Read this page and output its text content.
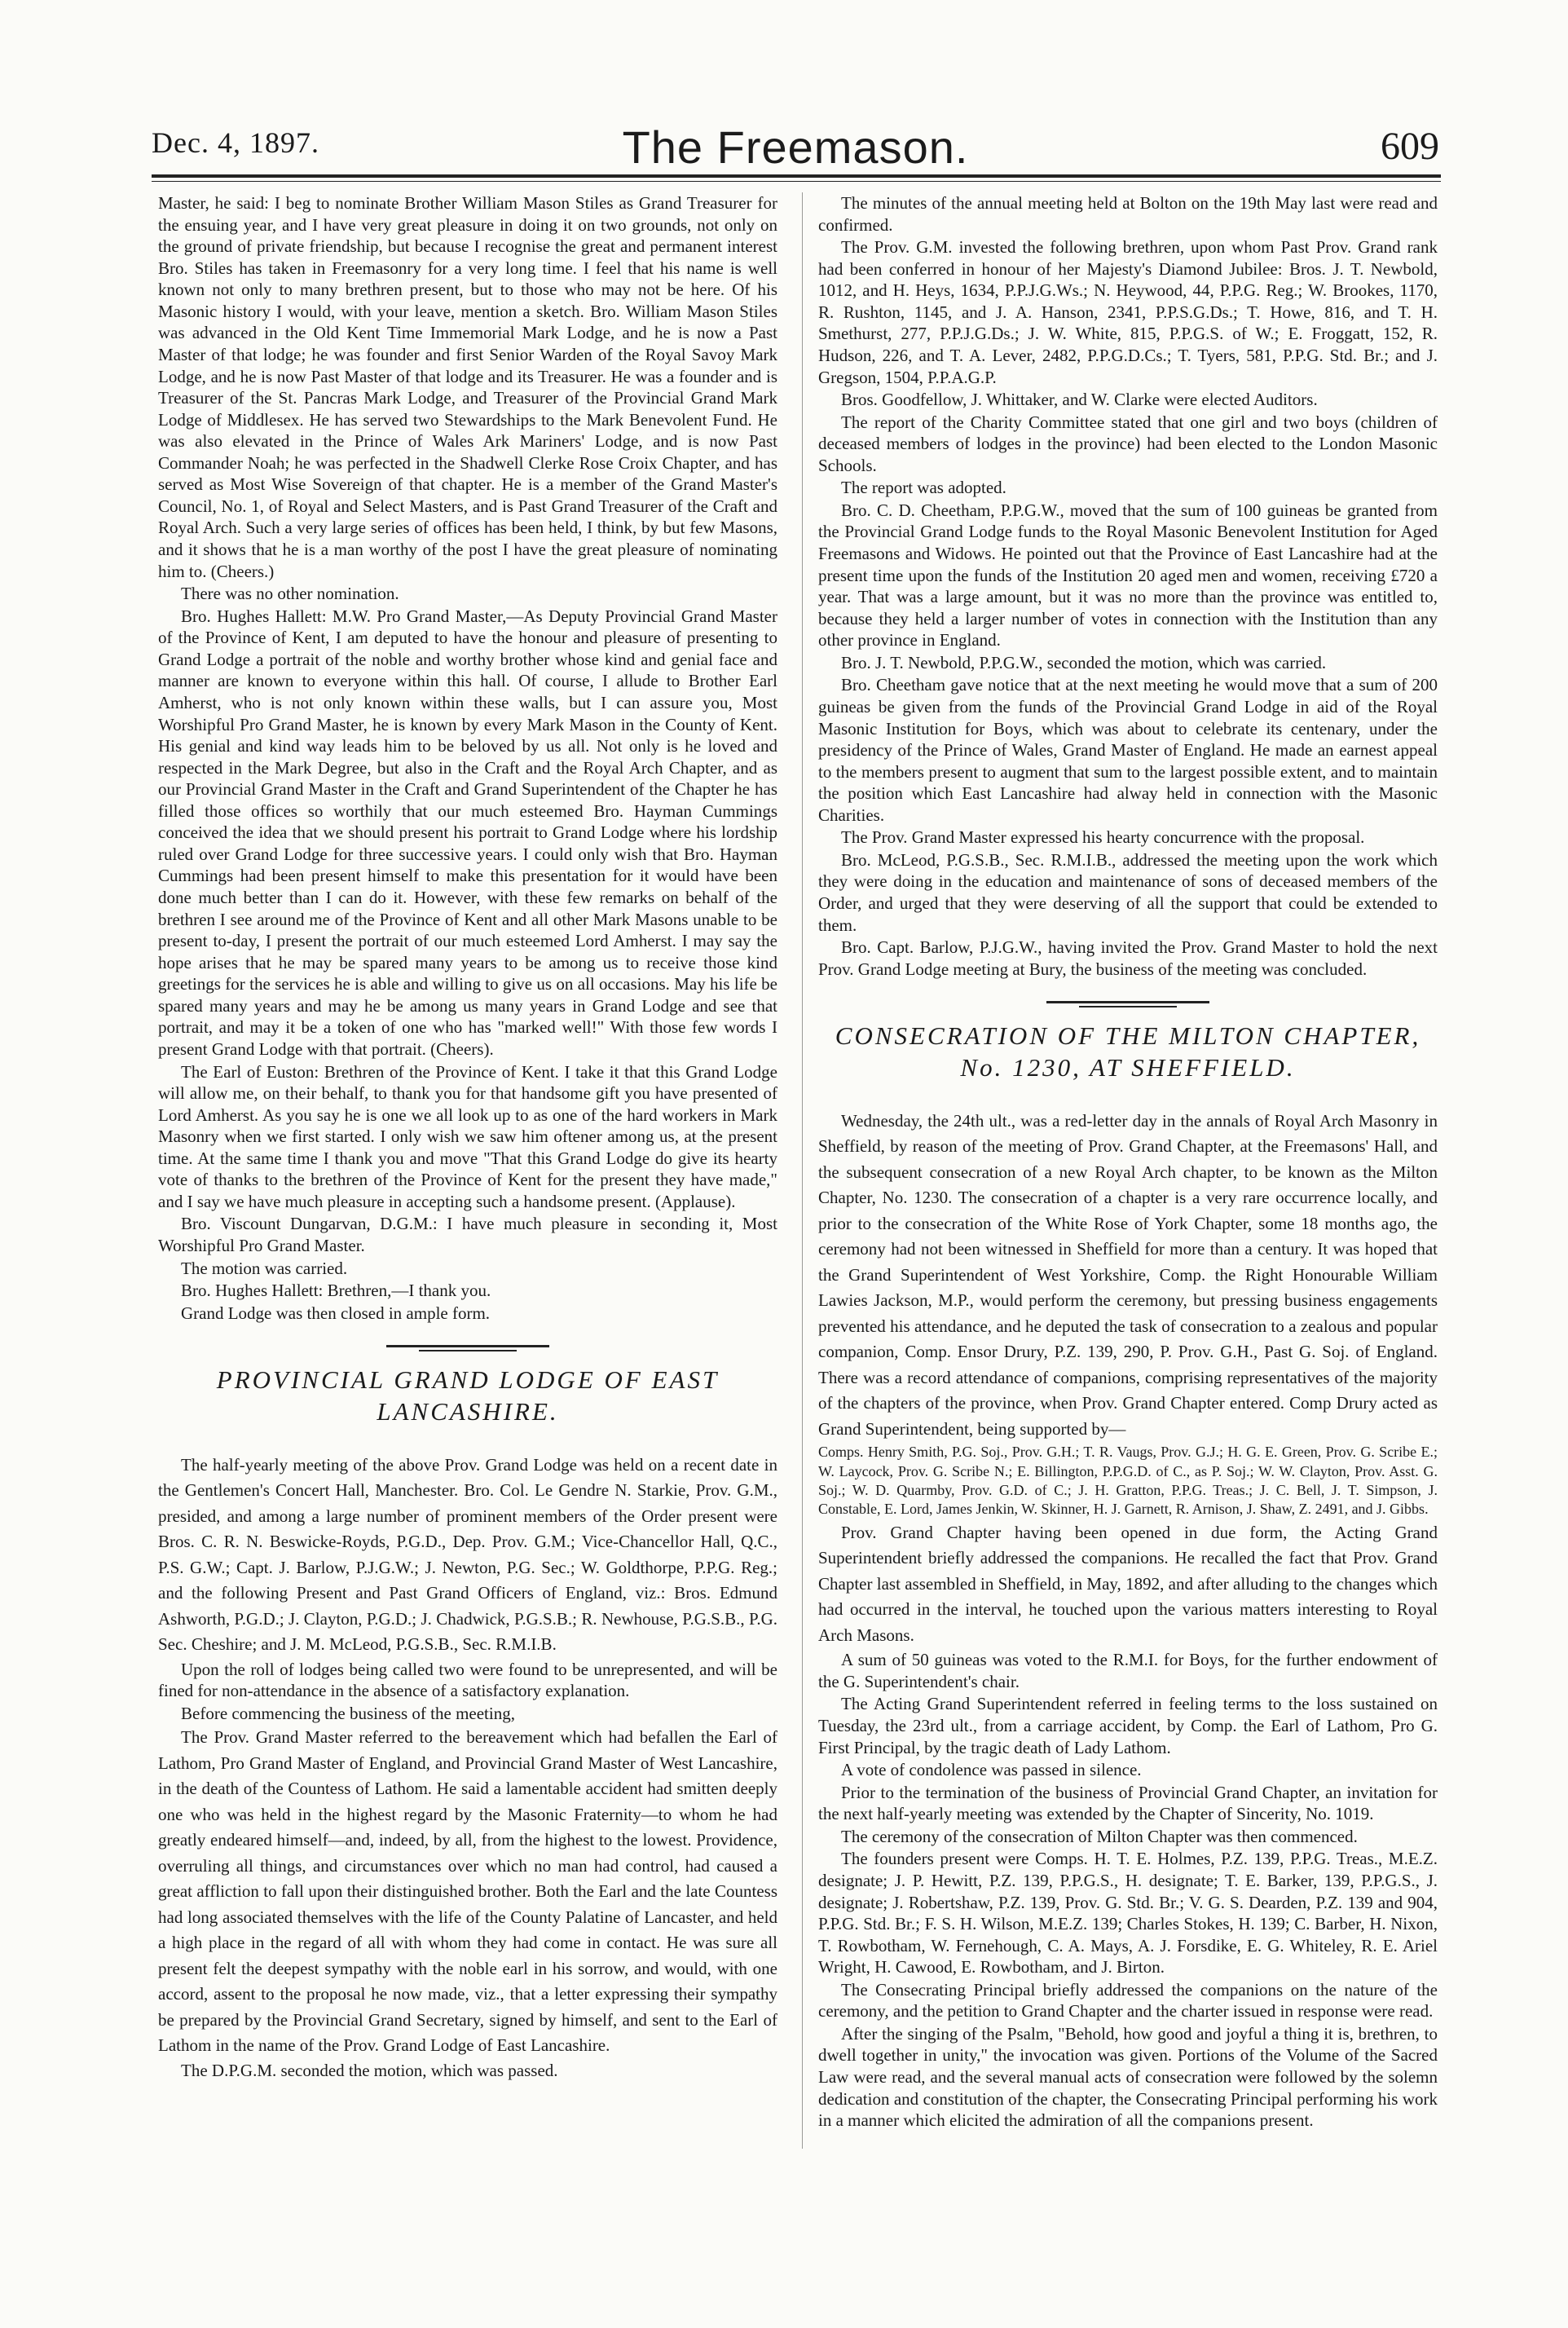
Dec. 4, 1897.	The Freemason.	609

Master, he said: I beg to nominate Brother William Mason Stiles as Grand Treasurer for the ensuing year, and I have very great pleasure in doing it on two grounds, not only on the ground of private friendship, but because I recognise the great and permanent interest Bro. Stiles has taken in Freemasonry for a very long time. I feel that his name is well known not only to many brethren present, but to those who may not be here. Of his Masonic history I would, with your leave, mention a sketch. Bro. William Mason Stiles was advanced in the Old Kent Time Immemorial Mark Lodge, and he is now a Past Master of that lodge; he was founder and first Senior Warden of the Royal Savoy Mark Lodge, and he is now Past Master of that lodge and its Treasurer. He was a founder and is Treasurer of the St. Pancras Mark Lodge, and Treasurer of the Provincial Grand Mark Lodge of Middlesex. He has served two Stewardships to the Mark Benevolent Fund. He was also elevated in the Prince of Wales Ark Mariners' Lodge, and is now Past Commander Noah; he was perfected in the Shadwell Clerke Rose Croix Chapter, and has served as Most Wise Sovereign of that chapter. He is a member of the Grand Master's Council, No. 1, of Royal and Select Masters, and is Past Grand Treasurer of the Craft and Royal Arch. Such a very large series of offices has been held, I think, by but few Masons, and it shows that he is a man worthy of the post I have the great pleasure of nominating him to. (Cheers.)

There was no other nomination.

Bro. Hughes Hallett: M.W. Pro Grand Master,—As Deputy Provincial Grand Master of the Province of Kent, I am deputed to have the honour and pleasure of presenting to Grand Lodge a portrait of the noble and worthy brother whose kind and genial face and manner are known to everyone within this hall. Of course, I allude to Brother Earl Amherst, who is not only known within these walls, but I can assure you, Most Worshipful Pro Grand Master, he is known by every Mark Mason in the County of Kent. His genial and kind way leads him to be beloved by us all. Not only is he loved and respected in the Mark Degree, but also in the Craft and the Royal Arch Chapter, and as our Provincial Grand Master in the Craft and Grand Superintendent of the Chapter he has filled those offices so worthily that our much esteemed Bro. Hayman Cummings conceived the idea that we should present his portrait to Grand Lodge where his lordship ruled over Grand Lodge for three successive years. I could only wish that Bro. Hayman Cummings had been present himself to make this presentation for it would have been done much better than I can do it. However, with these few remarks on behalf of the brethren I see around me of the Province of Kent and all other Mark Masons unable to be present to-day, I present the portrait of our much esteemed Lord Amherst. I may say the hope arises that he may be spared many years to be among us to receive those kind greetings for the services he is able and willing to give us on all occasions. May his life be spared many years and may he be among us many years in Grand Lodge and see that portrait, and may it be a token of one who has "marked well!" With those few words I present Grand Lodge with that portrait. (Cheers).

The Earl of Euston: Brethren of the Province of Kent. I take it that this Grand Lodge will allow me, on their behalf, to thank you for that handsome gift you have presented of Lord Amherst. As you say he is one we all look up to as one of the hard workers in Mark Masonry when we first started. I only wish we saw him oftener among us, at the present time. At the same time I thank you and move "That this Grand Lodge do give its hearty vote of thanks to the brethren of the Province of Kent for the present they have made," and I say we have much pleasure in accepting such a handsome present. (Applause).

Bro. Viscount Dungarvan, D.G.M.: I have much pleasure in seconding it, Most Worshipful Pro Grand Master.

The motion was carried.

Bro. Hughes Hallett: Brethren,—I thank you.

Grand Lodge was then closed in ample form.

PROVINCIAL GRAND LODGE OF EAST
LANCASHIRE.

The half-yearly meeting of the above Prov. Grand Lodge was held on a recent date in the Gentlemen's Concert Hall, Manchester. Bro. Col. Le Gendre N. Starkie, Prov. G.M., presided, and among a large number of prominent members of the Order present were Bros. C. R. N. Beswicke-Royds, P.G.D., Dep. Prov. G.M.; Vice-Chancellor Hall, Q.C., P.S. G.W.; Capt. J. Barlow, P.J.G.W.; J. Newton, P.G. Sec.; W. Goldthorpe, P.P.G. Reg.; and the following Present and Past Grand Officers of England, viz.: Bros. Edmund Ashworth, P.G.D.; J. Clayton, P.G.D.; J. Chadwick, P.G.S.B.; R. Newhouse, P.G.S.B., P.G. Sec. Cheshire; and J. M. McLeod, P.G.S.B., Sec. R.M.I.B.

Upon the roll of lodges being called two were found to be unrepresented, and will be fined for non-attendance in the absence of a satisfactory explanation.

Before commencing the business of the meeting,

The Prov. Grand Master referred to the bereavement which had befallen the Earl of Lathom, Pro Grand Master of England, and Provincial Grand Master of West Lancashire, in the death of the Countess of Lathom. He said a lamentable accident had smitten deeply one who was held in the highest regard by the Masonic Fraternity—to whom he had greatly endeared himself—and, indeed, by all, from the highest to the lowest. Providence, overruling all things, and circumstances over which no man had control, had caused a great affliction to fall upon their distinguished brother. Both the Earl and the late Countess had long associated themselves with the life of the County Palatine of Lancaster, and held a high place in the regard of all with whom they had come in contact. He was sure all present felt the deepest sympathy with the noble earl in his sorrow, and would, with one accord, assent to the proposal he now made, viz., that a letter expressing their sympathy be prepared by the Provincial Grand Secretary, signed by himself, and sent to the Earl of Lathom in the name of the Prov. Grand Lodge of East Lancashire.

The D.P.G.M. seconded the motion, which was passed.

The minutes of the annual meeting held at Bolton on the 19th May last were read and confirmed.

The Prov. G.M. invested the following brethren, upon whom Past Prov. Grand rank had been conferred in honour of her Majesty's Diamond Jubilee: Bros. J. T. Newbold, 1012, and H. Heys, 1634, P.P.J.G.Ws.; N. Heywood, 44, P.P.G. Reg.; W. Brookes, 1170, R. Rushton, 1145, and J. A. Hanson, 2341, P.P.S.G.Ds.; T. Howe, 816, and T. H. Smethurst, 277, P.P.J.G.Ds.; J. W. White, 815, P.P.G.S. of W.; E. Froggatt, 152, R. Hudson, 226, and T. A. Lever, 2482, P.P.G.D.Cs.; T. Tyers, 581, P.P.G. Std. Br.; and J. Gregson, 1504, P.P.A.G.P.

Bros. Goodfellow, J. Whittaker, and W. Clarke were elected Auditors.

The report of the Charity Committee stated that one girl and two boys (children of deceased members of lodges in the province) had been elected to the London Masonic Schools.

The report was adopted.

Bro. C. D. Cheetham, P.P.G.W., moved that the sum of 100 guineas be granted from the Provincial Grand Lodge funds to the Royal Masonic Benevolent Institution for Aged Freemasons and Widows. He pointed out that the Province of East Lancashire had at the present time upon the funds of the Institution 20 aged men and women, receiving £720 a year. That was a large amount, but it was no more than the province was entitled to, because they held a larger number of votes in connection with the Institution than any other province in England.

Bro. J. T. Newbold, P.P.G.W., seconded the motion, which was carried.

Bro. Cheetham gave notice that at the next meeting he would move that a sum of 200 guineas be given from the funds of the Provincial Grand Lodge in aid of the Royal Masonic Institution for Boys, which was about to celebrate its centenary, under the presidency of the Prince of Wales, Grand Master of England. He made an earnest appeal to the members present to augment that sum to the largest possible extent, and to maintain the position which East Lancashire had alway held in connection with the Masonic Charities.

The Prov. Grand Master expressed his hearty concurrence with the proposal.

Bro. McLeod, P.G.S.B., Sec. R.M.I.B., addressed the meeting upon the work which they were doing in the education and maintenance of sons of deceased members of the Order, and urged that they were deserving of all the support that could be extended to them.

Bro. Capt. Barlow, P.J.G.W., having invited the Prov. Grand Master to hold the next Prov. Grand Lodge meeting at Bury, the business of the meeting was concluded.

CONSECRATION OF THE MILTON CHAPTER,
No. 1230, AT SHEFFIELD.

Wednesday, the 24th ult., was a red-letter day in the annals of Royal Arch Masonry in Sheffield, by reason of the meeting of Prov. Grand Chapter, at the Freemasons' Hall, and the subsequent consecration of a new Royal Arch chapter, to be known as the Milton Chapter, No. 1230. The consecration of a chapter is a very rare occurrence locally, and prior to the consecration of the White Rose of York Chapter, some 18 months ago, the ceremony had not been witnessed in Sheffield for more than a century. It was hoped that the Grand Superintendent of West Yorkshire, Comp. the Right Honourable William Lawies Jackson, M.P., would perform the ceremony, but pressing business engagements prevented his attendance, and he deputed the task of consecration to a zealous and popular companion, Comp. Ensor Drury, P.Z. 139, 290, P. Prov. G.H., Past G. Soj. of England. There was a record attendance of companions, comprising representatives of the majority of the chapters of the province, when Prov. Grand Chapter entered. Comp Drury acted as Grand Superintendent, being supported by—

Comps. Henry Smith, P.G. Soj., Prov. G.H.; T. R. Vaugs, Prov. G.J.; H. G. E. Green, Prov. G. Scribe E.; W. Laycock, Prov. G. Scribe N.; E. Billington, P.P.G.D. of C., as P. Soj.; W. W. Clayton, Prov. Asst. G. Soj.; W. D. Quarmby, Prov. G.D. of C.; J. H. Gratton, P.P.G. Treas.; J. C. Bell, J. T. Simpson, J. Constable, E. Lord, James Jenkin, W. Skinner, H. J. Garnett, R. Arnison, J. Shaw, Z. 2491, and J. Gibbs.

Prov. Grand Chapter having been opened in due form, the Acting Grand Superintendent briefly addressed the companions. He recalled the fact that Prov. Grand Chapter last assembled in Sheffield, in May, 1892, and after alluding to the changes which had occurred in the interval, he touched upon the various matters interesting to Royal Arch Masons.

A sum of 50 guineas was voted to the R.M.I. for Boys, for the further endowment of the G. Superintendent's chair.

The Acting Grand Superintendent referred in feeling terms to the loss sustained on Tuesday, the 23rd ult., from a carriage accident, by Comp. the Earl of Lathom, Pro G. First Principal, by the tragic death of Lady Lathom.

A vote of condolence was passed in silence.

Prior to the termination of the business of Provincial Grand Chapter, an invitation for the next half-yearly meeting was extended by the Chapter of Sincerity, No. 1019.

The ceremony of the consecration of Milton Chapter was then commenced.

The founders present were Comps. H. T. E. Holmes, P.Z. 139, P.P.G. Treas., M.E.Z. designate; J. P. Hewitt, P.Z. 139, P.P.G.S., H. designate; T. E. Barker, 139, P.P.G.S., J. designate; J. Robertshaw, P.Z. 139, Prov. G. Std. Br.; V. G. S. Dearden, P.Z. 139 and 904, P.P.G. Std. Br.; F. S. H. Wilson, M.E.Z. 139; Charles Stokes, H. 139; C. Barber, H. Nixon, T. Rowbotham, W. Fernehough, C. A. Mays, A. J. Forsdike, E. G. Whiteley, R. E. Ariel Wright, H. Cawood, E. Rowbotham, and J. Birton.

The Consecrating Principal briefly addressed the companions on the nature of the ceremony, and the petition to Grand Chapter and the charter issued in response were read.

After the singing of the Psalm, "Behold, how good and joyful a thing it is, brethren, to dwell together in unity," the invocation was given. Portions of the Volume of the Sacred Law were read, and the several manual acts of consecration were followed by the solemn dedication and constitution of the chapter, the Consecrating Principal performing his work in a manner which elicited the admiration of all the companions present.
